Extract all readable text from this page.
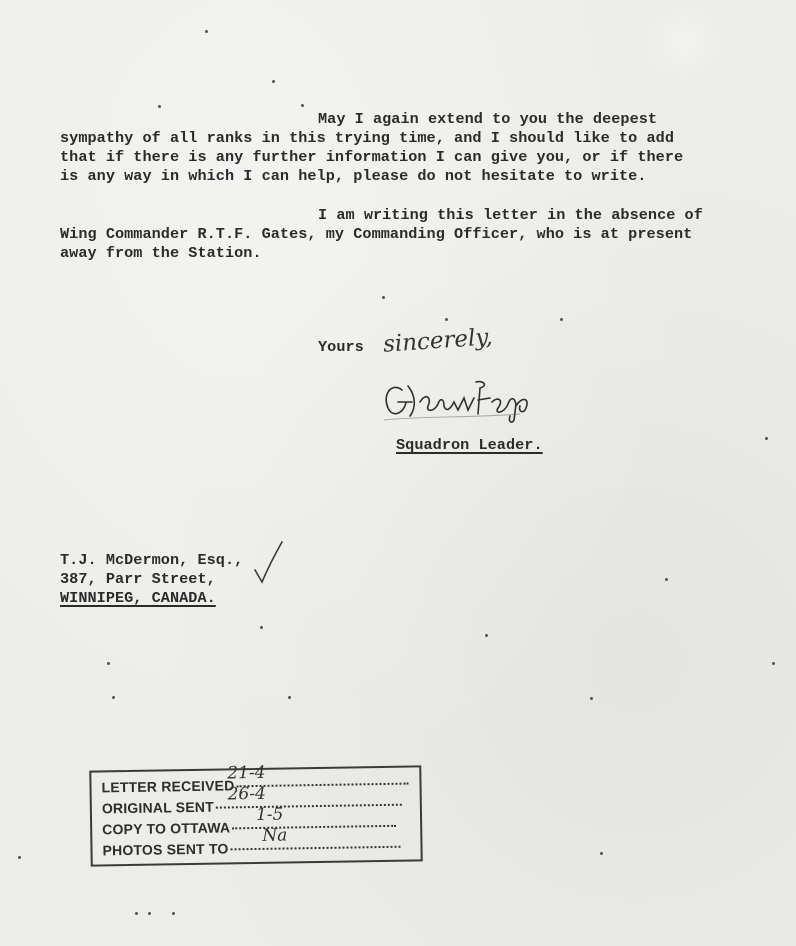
May I again extend to you the deepest
sympathy of all ranks in this trying time, and I should like to add
that if there is any further information I can give you, or if there
is any way in which I can help, please do not hesitate to write.
I am writing this letter in the absence of
Wing Commander R.T.F. Gates, my Commanding Officer, who is at present
away from the Station.
Yours sincerely,
Squadron Leader.
T.J. McDermon, Esq.,
387, Parr Street,
WINNIPEG, CANADA.
LETTER RECEIVED
21-4
ORIGINAL SENT
26-4
COPY TO OTTAWA
1-5
PHOTOS SENT TO
Na
